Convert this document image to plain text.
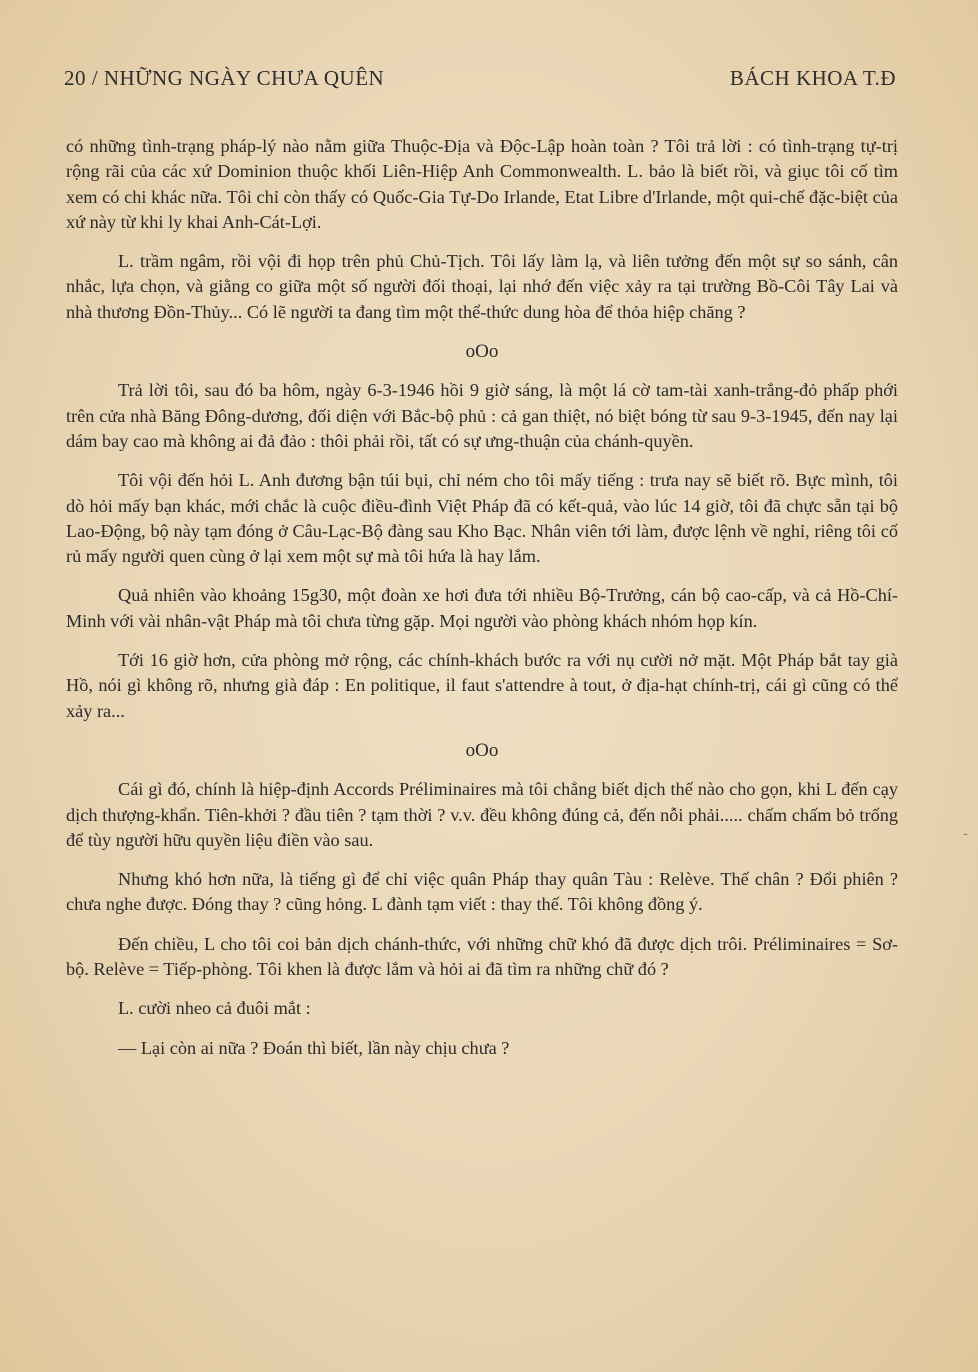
20 / NHỮNG NGÀY CHƯA QUÊN	BÁCH KHOA T.Đ

có những tình-trạng pháp-lý nào nằm giữa Thuộc-Địa và Độc-Lập hoàn toàn ? Tôi trả lời : có tình-trạng tự-trị rộng rãi của các xứ Dominion thuộc khối Liên-Hiệp Anh Commonwealth. L. bảo là biết rồi, và giục tôi cố tìm xem có chi khác nữa. Tôi chỉ còn thấy có Quốc-Gia Tự-Do Irlande, Etat Libre d'Irlande, một qui-chế đặc-biệt của xứ này từ khi ly khai Anh-Cát-Lợi.

L. trầm ngâm, rồi vội đi họp trên phủ Chủ-Tịch. Tôi lấy làm lạ, và liên tưởng đến một sự so sánh, cân nhắc, lựa chọn, và giằng co giữa một số người đối thoại, lại nhớ đến việc xảy ra tại trường Bồ-Côi Tây Lai và nhà thương Đồn-Thủy... Có lẽ người ta đang tìm một thể-thức dung hòa để thỏa hiệp chăng ?

oOo

Trả lời tôi, sau đó ba hôm, ngày 6-3-1946 hồi 9 giờ sáng, là một lá cờ tam-tài xanh-trắng-đỏ phấp phới trên cửa nhà Băng Đông-dương, đối diện với Bắc-bộ phủ : cả gan thiệt, nó biệt bóng từ sau 9-3-1945, đến nay lại dám bay cao mà không ai đả đảo : thôi phải rồi, tất có sự ưng-thuận của chánh-quyền.

Tôi vội đến hỏi L. Anh đương bận túi bụi, chỉ ném cho tôi mấy tiếng : trưa nay sẽ biết rõ. Bực mình, tôi dò hỏi mấy bạn khác, mới chắc là cuộc điều-đình Việt Pháp đã có kết-quả, vào lúc 14 giờ, tôi đã chực sẵn tại bộ Lao-Động, bộ này tạm đóng ở Câu-Lạc-Bộ đàng sau Kho Bạc. Nhân viên tới làm, được lệnh về nghỉ, riêng tôi cố rủ mấy người quen cùng ở lại xem một sự mà tôi hứa là hay lắm.

Quả nhiên vào khoảng 15g30, một đoàn xe hơi đưa tới nhiều Bộ-Trưởng, cán bộ cao-cấp, và cả Hồ-Chí-Minh với vài nhân-vật Pháp mà tôi chưa từng gặp. Mọi người vào phòng khách nhóm họp kín.

Tới 16 giờ hơn, cửa phòng mở rộng, các chính-khách bước ra với nụ cười nở mặt. Một Pháp bắt tay già Hồ, nói gì không rõ, nhưng già đáp : En politique, il faut s'attendre à tout, ở địa-hạt chính-trị, cái gì cũng có thể xảy ra...

oOo

Cái gì đó, chính là hiệp-định Accords Préliminaires mà tôi chẳng biết dịch thế nào cho gọn, khi L đến cạy dịch thượng-khẩn. Tiên-khởi ? đầu tiên ? tạm thời ? v.v. đều không đúng cả, đến nỗi phải..... chấm chấm bỏ trống để tùy người hữu quyền liệu điền vào sau.

Nhưng khó hơn nữa, là tiếng gì để chỉ việc quân Pháp thay quân Tàu : Relève. Thế chân ? Đổi phiên ? chưa nghe được. Đóng thay ? cũng hỏng. L đành tạm viết : thay thế. Tôi không đồng ý.

Đến chiều, L cho tôi coi bản dịch chánh-thức, với những chữ khó đã được dịch trôi. Préliminaires = Sơ-bộ. Relève = Tiếp-phòng. Tôi khen là được lắm và hỏi ai đã tìm ra những chữ đó ?

L. cười nheo cả đuôi mắt :

— Lại còn ai nữa ? Đoán thì biết, lần này chịu chưa ?

-
